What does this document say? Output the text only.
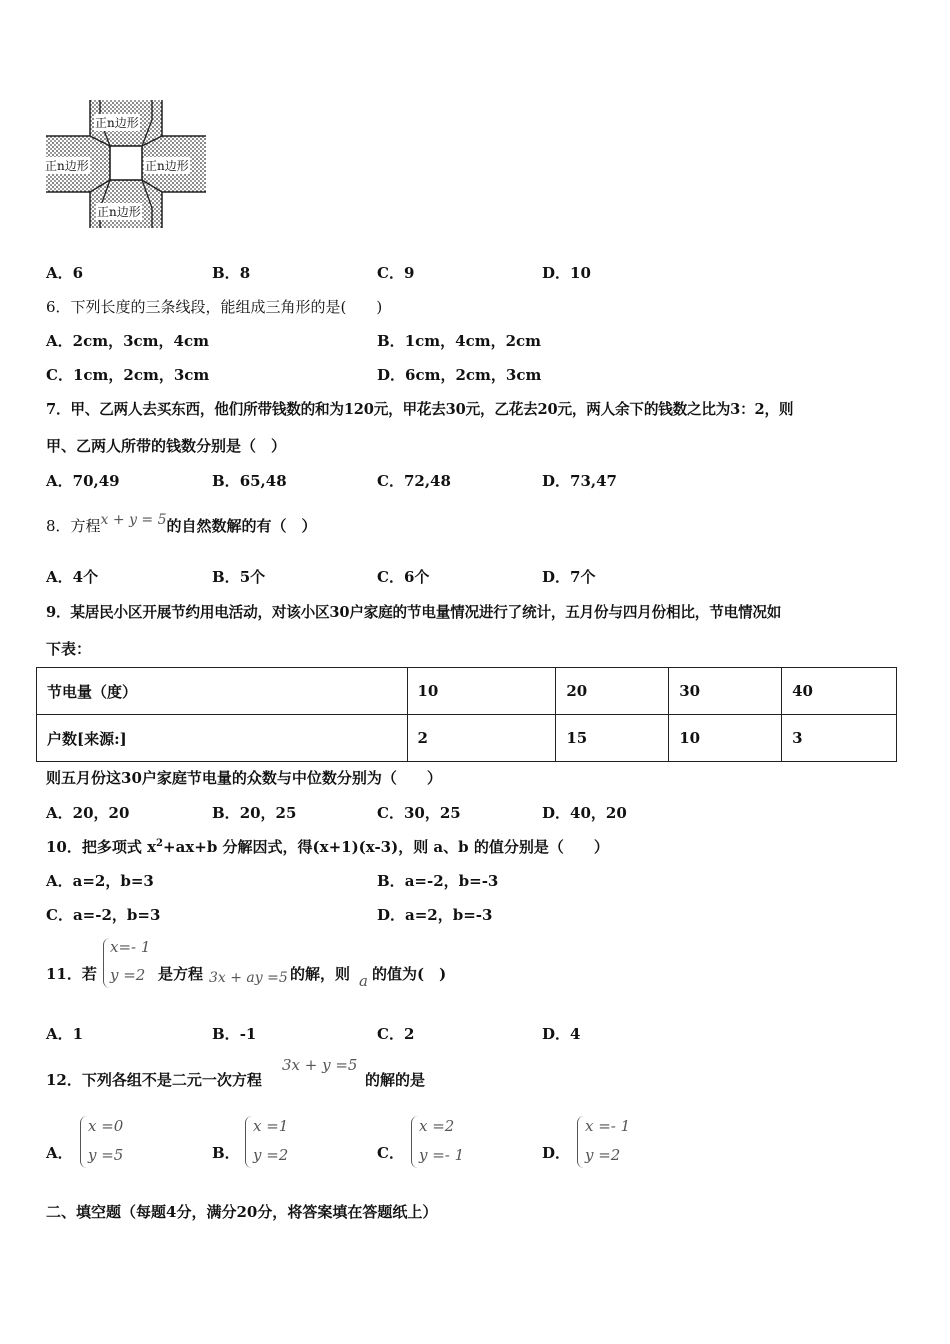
正n边形
正n边形	正n边形
正n边形
A．6	B．8	C．9	D．10
6．下列长度的三条线段，能组成三角形的是(　　)
A．2cm，3cm，4cm	B．1cm，4cm，2cm
C．1cm，2cm，3cm	D．6cm，2cm，3cm
7．甲、乙两人去买东西，他们所带钱数的和为120元，甲花去30元，乙花去20元，两人余下的钱数之比为3：2，则
甲、乙两人所带的钱数分别是（　）
A．70,49	B．65,48	C．72,48	D．73,47
8．方程x + y = 5的自然数解的有（　）
A．4个	B．5个	C．6个	D．7个
9．某居民小区开展节约用电活动，对该小区30户家庭的节电量情况进行了统计，五月份与四月份相比，节电情况如
下表：
节电量（度）	10	20	30	40
户数[来源:]	2	15	10	3
则五月份这30户家庭节电量的众数与中位数分别为（　　）
A．20，20	B．20，25	C．30，25	D．40，20
10．把多项式 $x^2+ax+b$ 分解因式，得(x+1)(x-3)，则 a、b 的值分别是（　　）
A．a=2，b=3	B．a=-2，b=-3
C．a=-2，b=3	D．a=2，b=-3
11．若
x=- 1
y =2 是方程 3x + ay =5 的解，则 a 的值为(　)
A．1	B．-1	C．2	D．4
12．下列各组不是二元一次方程
3x + y =5
的解的是
A．
x =0
y =5	B．
x =1
y =2	C．
x =2
y =- 1	D．
x =- 1
y =2
二、填空题（每题4分，满分20分，将答案填在答题纸上）
